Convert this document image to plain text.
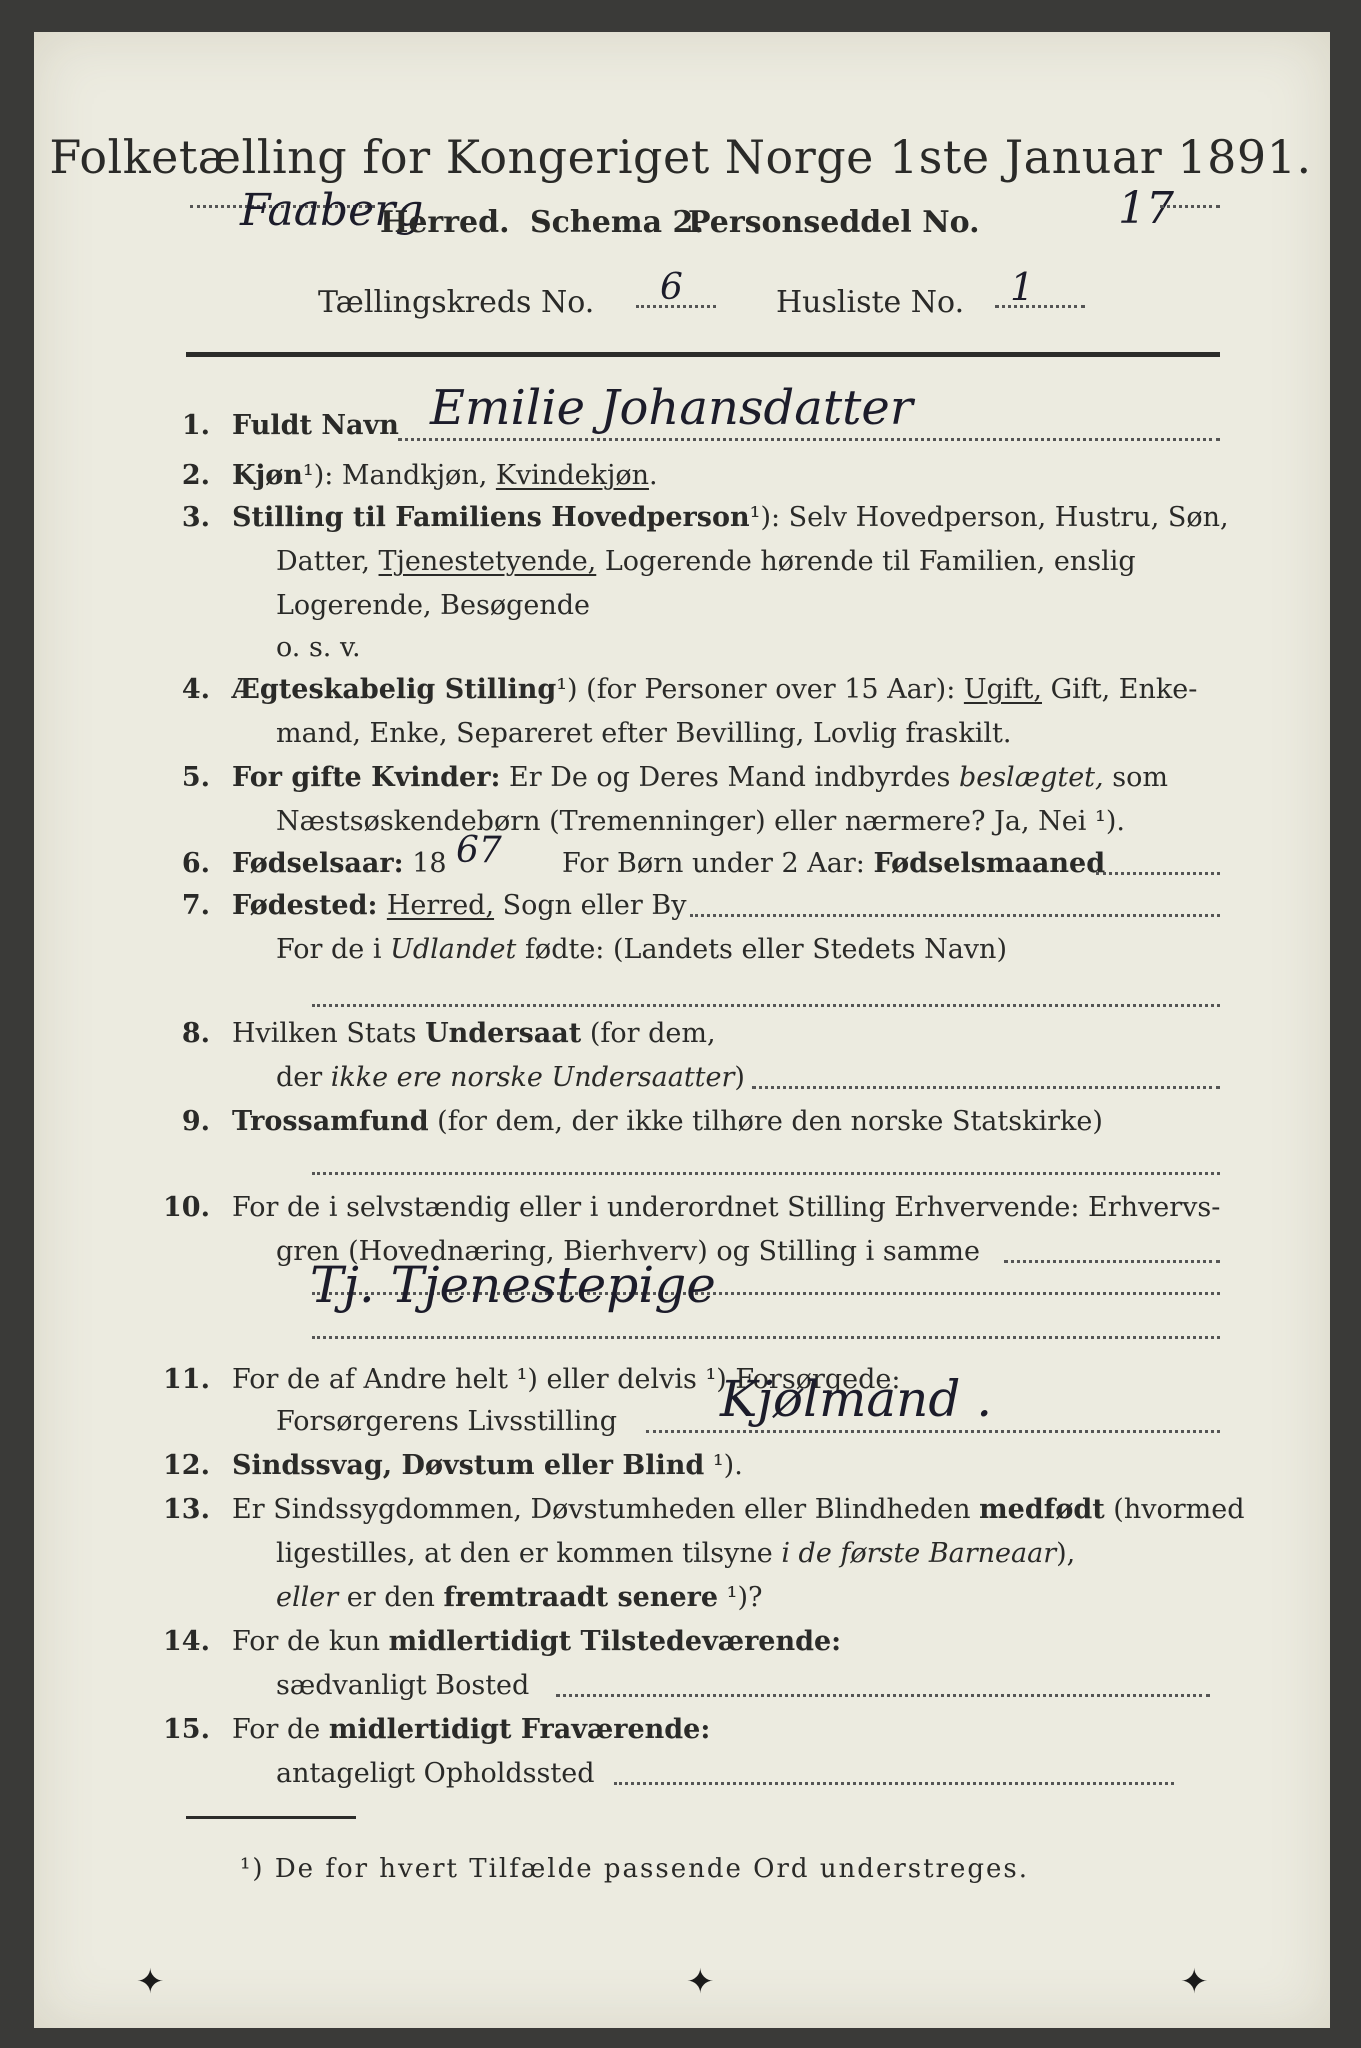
Folketælling for Kongeriget Norge 1ste Januar 1891.
Faaberg
Herred. Schema 2.
Personseddel No.	17
Tællingskreds No. 6	Husliste No. 1
1. Fuldt Navn Emilie Johansdatter
2. Kjøn¹): Mandkjøn, Kvindekjøn.
3. Stilling til Familiens Hovedperson¹): Selv Hovedperson, Hustru, Søn,
Datter, Tjenestetyende, Logerende hørende til Familien, enslig
Logerende, Besøgende
o. s. v.
4. Ægteskabelig Stilling¹) (for Personer over 15 Aar): Ugift, Gift, Enke-
mand, Enke, Separeret efter Bevilling, Lovlig fraskilt.
5. For gifte Kvinder: Er De og Deres Mand indbyrdes beslægtet, som
Næstsøskendebørn (Tremenninger) eller nærmere? Ja, Nei ¹).
6. Fødselsaar: 18 67 For Børn under 2 Aar: Fødselsmaaned
7. Fødested: Herred, Sogn eller By
For de i Udlandet fødte: (Landets eller Stedets Navn)
8. Hvilken Stats Undersaat (for dem,
der ikke ere norske Undersaatter)
9. Trossamfund (for dem, der ikke tilhøre den norske Statskirke)
10. For de i selvstændig eller i underordnet Stilling Erhvervende: Erhvervs-
gren (Hovednæring, Bierhverv) og Stilling i samme
Tj. Tjenestepige
11. For de af Andre helt ¹) eller delvis ¹) Forsørgede:
Forsørgerens Livsstilling Kjølmand .
12. Sindssvag, Døvstum eller Blind ¹).
13. Er Sindssygdommen, Døvstumheden eller Blindheden medfødt (hvormed
ligestilles, at den er kommen tilsyne i de første Barneaar),
eller er den fremtraadt senere ¹)?
14. For de kun midlertidigt Tilstedeværende:
sædvanligt Bosted
15. For de midlertidigt Fraværende:
antageligt Opholdssted
¹) De for hvert Tilfælde passende Ord understreges.
✦	✦	✦
